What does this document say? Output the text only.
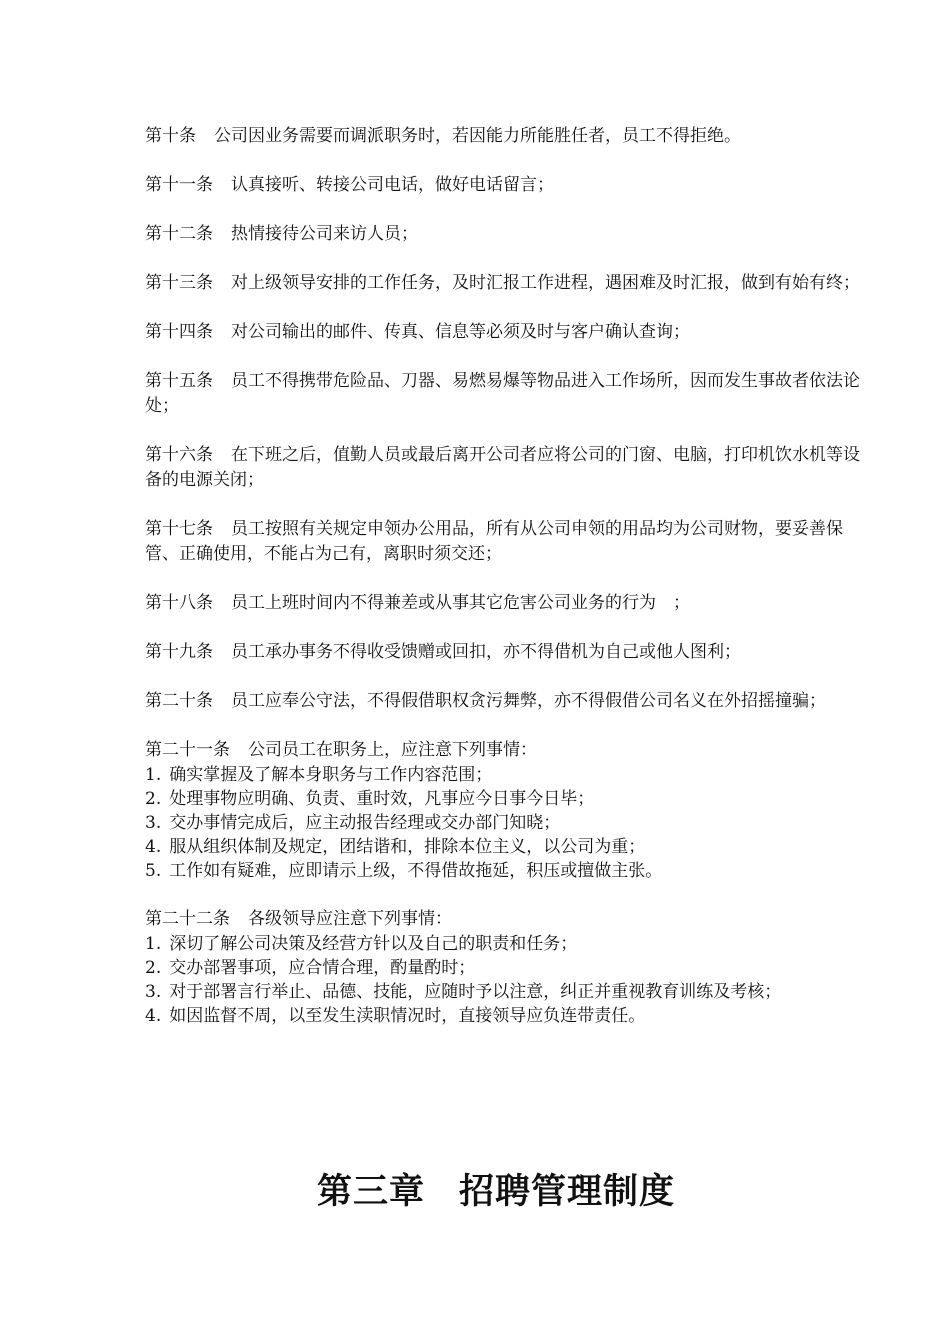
第十条 公司因业务需要而调派职务时，若因能力所能胜任者，员工不得拒绝。

第十一条 认真接听、转接公司电话，做好电话留言；

第十二条 热情接待公司来访人员；

第十三条 对上级领导安排的工作任务，及时汇报工作进程，遇困难及时汇报，做到有始有终；

第十四条 对公司输出的邮件、传真、信息等必须及时与客户确认查询；

第十五条 员工不得携带危险品、刀器、易燃易爆等物品进入工作场所，因而发生事故者依法论处；

第十六条 在下班之后，值勤人员或最后离开公司者应将公司的门窗、电脑，打印机饮水机等设备的电源关闭；

第十七条 员工按照有关规定申领办公用品，所有从公司申领的用品均为公司财物，要妥善保管、正确使用，不能占为己有，离职时须交还；

第十八条 员工上班时间内不得兼差或从事其它危害公司业务的行为　；

第十九条 员工承办事务不得收受馈赠或回扣，亦不得借机为自己或他人图利；

第二十条 员工应奉公守法，不得假借职权贪污舞弊，亦不得假借公司名义在外招摇撞骗；

第二十一条 公司员工在职务上，应注意下列事情：
1. 确实掌握及了解本身职务与工作内容范围；
2. 处理事物应明确、负责、重时效，凡事应今日事今日毕；
3. 交办事情完成后，应主动报告经理或交办部门知晓；
4. 服从组织体制及规定，团结谐和，排除本位主义，以公司为重；
5. 工作如有疑难，应即请示上级，不得借故拖延，积压或擅做主张。
第二十二条 各级领导应注意下列事情：
1. 深切了解公司决策及经营方针以及自己的职责和任务；
2. 交办部署事项，应合情合理，酌量酌时；
3. 对于部署言行举止、品德、技能，应随时予以注意，纠正并重视教育训练及考核；
4. 如因监督不周，以至发生渎职情况时，直接领导应负连带责任。
第三章 招聘管理制度
